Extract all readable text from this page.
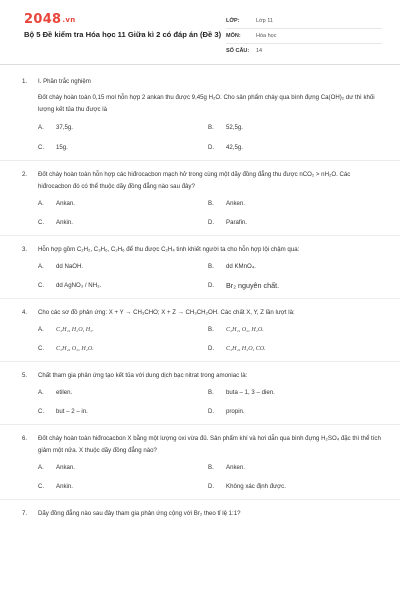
2048.vn
Bộ 5 Đề kiểm tra Hóa học 11 Giữa kì 2 có đáp án (Đề 3)
LỚP:	Lớp 11
MÔN:	Hóa học
SỐ CÂU:	14
1.	I. Phần trắc nghiệm
Đốt cháy hoàn toàn 0,15 mol hỗn hợp 2 ankan thu được 9,45g H₂O. Cho sản phẩm cháy qua bình đựng Ca(OH)₂ dư thì khối lượng kết tủa thu được là
A.	37,5g.	B.	52,5g.
C.	15g.	D.	42,5g.
2.	Đốt cháy hoàn toàn hỗn hợp các hiđrocacbon mạch hở trong cùng một dãy đồng đẳng thu được nCO₂ > nH₂O. Các hiđrocacbon đó có thể thuộc dãy đồng đẳng nào sau đây?
A.	Ankan.	B.	Anken.
C.	Ankin.	D.	Parafin.
3.	Hỗn hợp gồm C₂H₂, C₃H₆, C₂H₆ để thu được C₂H₄ tinh khiết người ta cho hỗn hợp lội chậm qua:
A.	dd NaOH.	B.	dd KMnO₄.
C.	dd AgNO₃ / NH₃.	D.	Br₂ nguyên chất.
4.	Cho các sơ đồ phản ứng: X + Y → CH₃CHO; X + Z → CH₃CH₂OH. Các chất X, Y, Z lần lượt là:
A.	C₂H₂, H₂O, H₂.	B.	C₂H₂, O₂, H₂O.
C.	C₂H₄, O₂, H₂O.	D.	C₂H₄, H₂O, CO.
5.	Chất tham gia phản ứng tạo kết tủa với dung dịch bạc nitrat trong amoniac là:
A.	etilen.	B.	buta – 1, 3 – dien.
C.	but – 2 – in.	D.	propin.
6.	Đốt cháy hoàn toàn hiđrocacbon X bằng một lượng oxi vừa đủ. Sản phẩm khí và hơi dẫn qua bình đựng H₂SO₄ đặc thì thể tích giảm một nửa. X thuộc dãy đồng đẳng nào?
A.	Ankan.	B.	Anken.
C.	Ankin.	D.	Không xác định được.
7.	Dãy đồng đẳng nào sau đây tham gia phản ứng cộng với Br₂ theo tỉ lệ 1:1?
